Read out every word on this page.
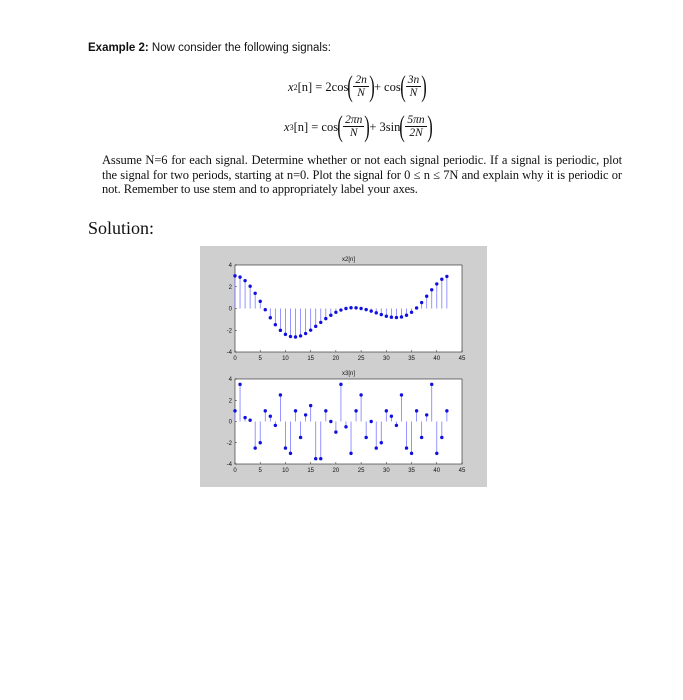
Example 2: Now consider the following signals:
x 2 [n] = 2cos ( $\frac{2n}{N}$ ) + cos ( $\frac{3n}{N}$ )
x 3 [n] = cos ( $\frac{2\pi n}{N}$ ) + 3sin ( $\frac{5\pi n}{2N}$ )
Assume N=6 for each signal. Determine whether or not each signal periodic. If a signal is periodic, plot the signal for two periods, starting at n=0. Plot the signal for 0 ≤ n ≤ 7N and explain why it is periodic or not. Remember to use stem and to appropriately label your axes.
Solution:
x2[n]
0	5	10	15	20	25	30	35	40	45
-4
-2
0
2
4
x3[n]
0	5	10	15	20	25	30	35	40	45
-4
-2
0
2
4
